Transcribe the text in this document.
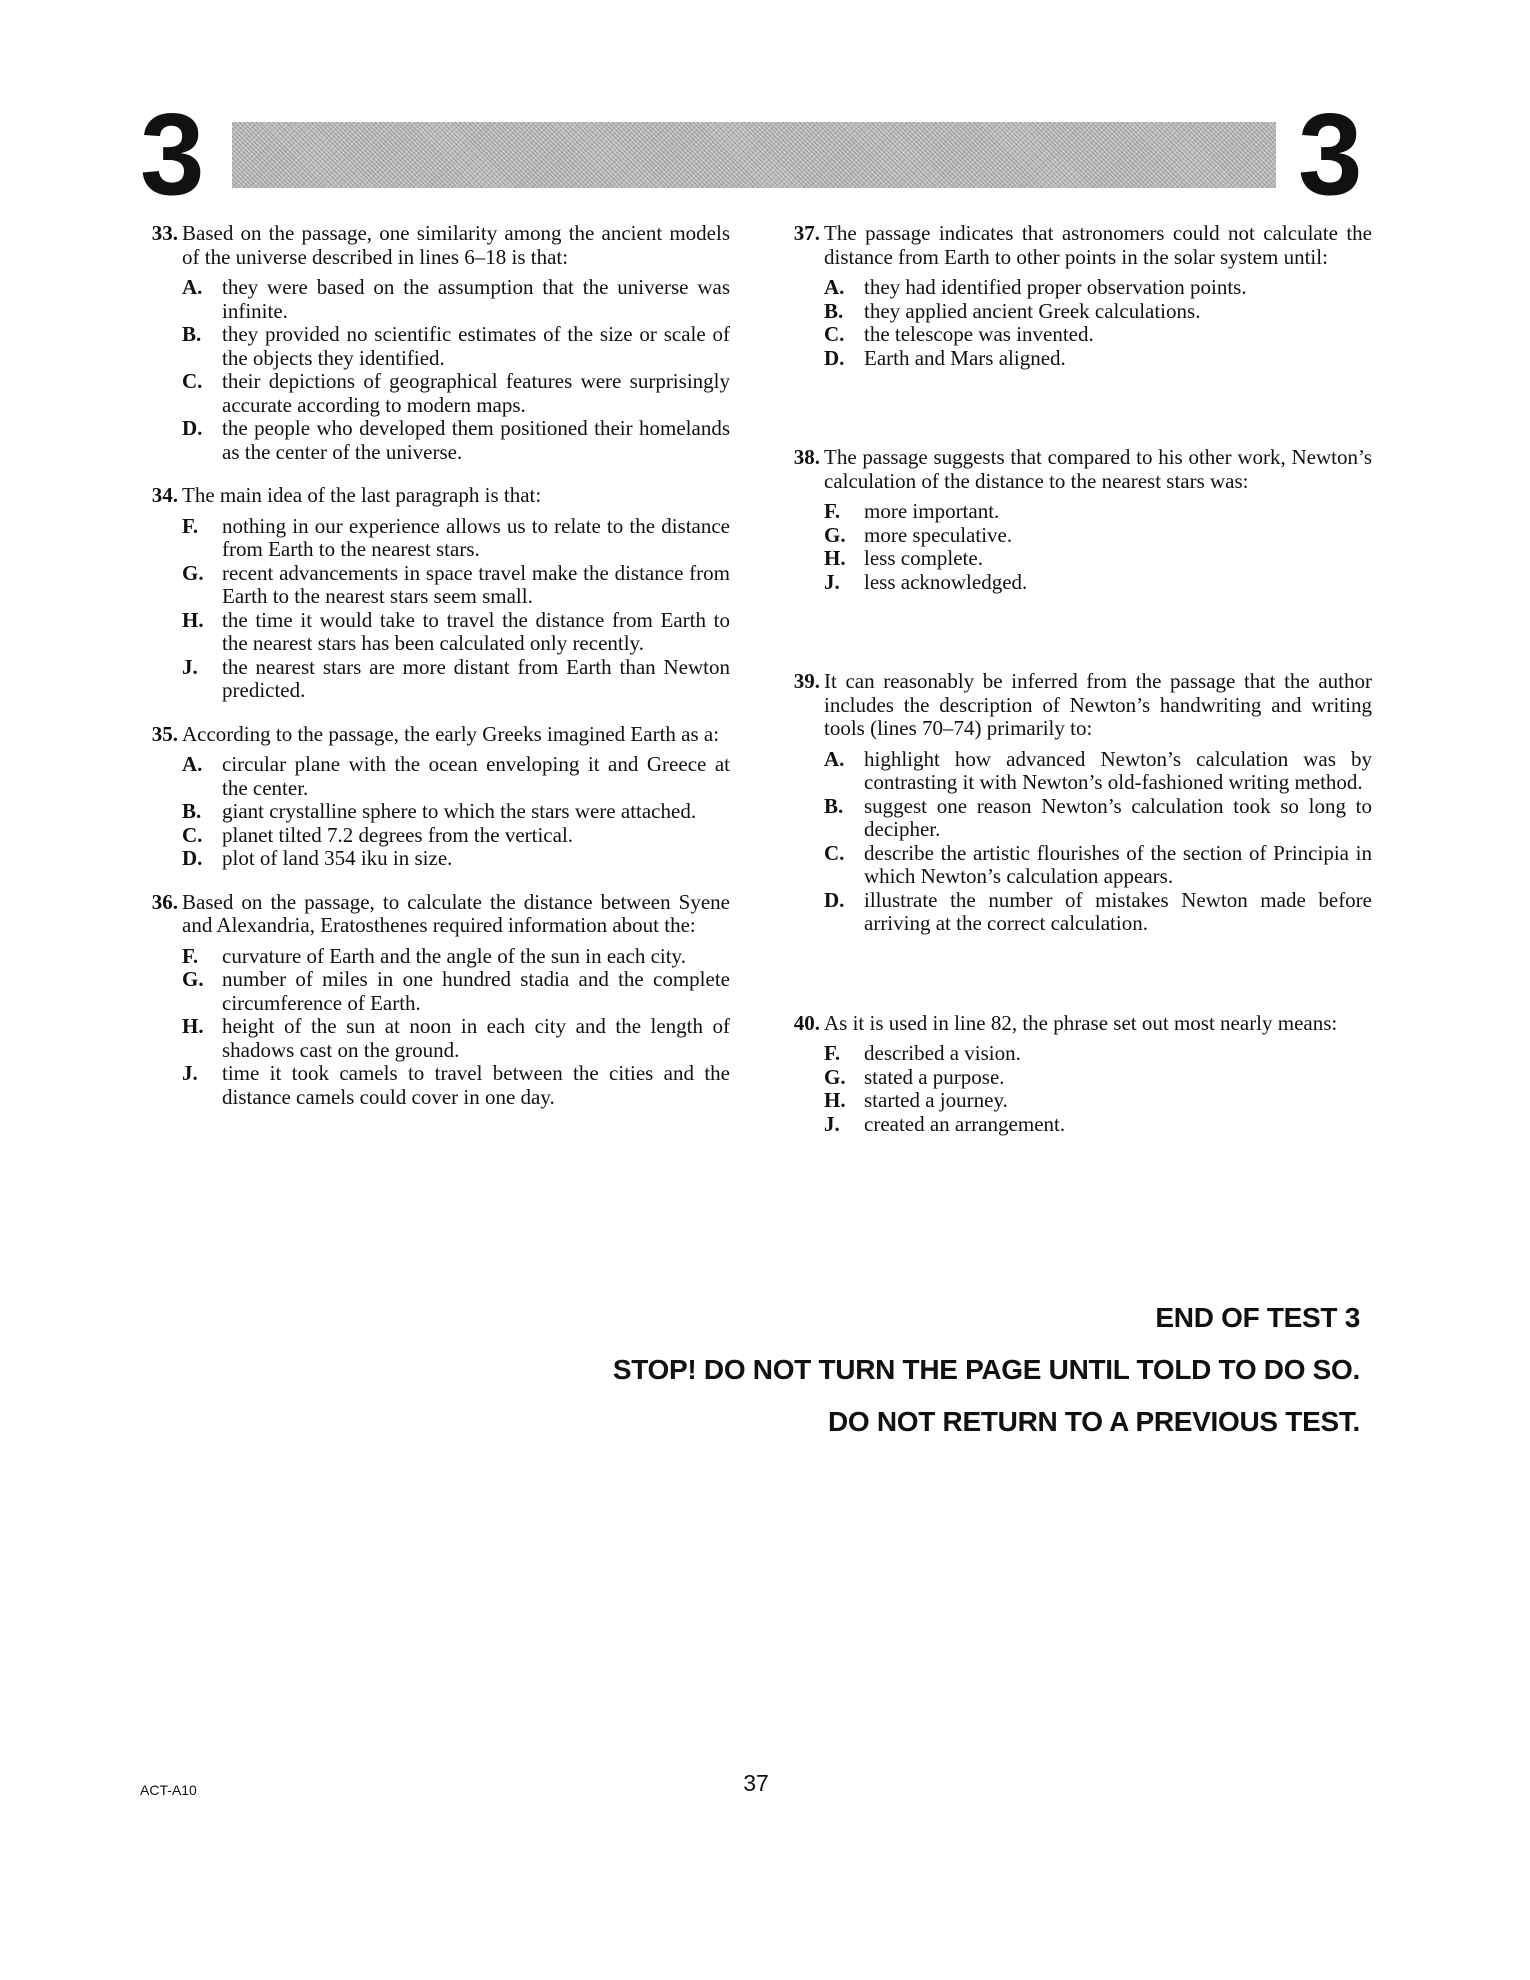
3	3
33. Based on the passage, one similarity among the ancient models of the universe described in lines 6–18 is that:
A. they were based on the assumption that the universe was infinite.
B. they provided no scientific estimates of the size or scale of the objects they identified.
C. their depictions of geographical features were surprisingly accurate according to modern maps.
D. the people who developed them positioned their homelands as the center of the universe.
34. The main idea of the last paragraph is that:
F.	nothing in our experience allows us to relate to the distance from Earth to the nearest stars.
G. recent advancements in space travel make the distance from Earth to the nearest stars seem small.
H. the time it would take to travel the distance from Earth to the nearest stars has been calculated only recently.
J.	the nearest stars are more distant from Earth than Newton predicted.
35. According to the passage, the early Greeks imagined Earth as a:
A. circular plane with the ocean enveloping it and Greece at the center.
B. giant crystalline sphere to which the stars were attached.
C. planet tilted 7.2 degrees from the vertical.
D. plot of land 354 iku in size.
36. Based on the passage, to calculate the distance between Syene and Alexandria, Eratosthenes required information about the:
F.	curvature of Earth and the angle of the sun in each city.
G. number of miles in one hundred stadia and the complete circumference of Earth.
H. height of the sun at noon in each city and the length of shadows cast on the ground.
J.	time it took camels to travel between the cities and the distance camels could cover in one day.
37. The passage indicates that astronomers could not calculate the distance from Earth to other points in the solar system until:
A. they had identified proper observation points.
B. they applied ancient Greek calculations.
C. the telescope was invented.
D. Earth and Mars aligned.
38. The passage suggests that compared to his other work, Newton’s calculation of the distance to the nearest stars was:
F.	more important.
G. more speculative.
H. less complete.
J.	less acknowledged.
39. It can reasonably be inferred from the passage that the author includes the description of Newton’s handwriting and writing tools (lines 70–74) primarily to:
A. highlight how advanced Newton’s calculation was by contrasting it with Newton’s old-fashioned writing method.
B. suggest one reason Newton’s calculation took so long to decipher.
C. describe the artistic flourishes of the section of Principia in which Newton’s calculation appears.
D. illustrate the number of mistakes Newton made before arriving at the correct calculation.
40. As it is used in line 82, the phrase set out most nearly means:
F.	described a vision.
G. stated a purpose.
H. started a journey.
J.	created an arrangement.
END OF TEST 3
STOP! DO NOT TURN THE PAGE UNTIL TOLD TO DO SO.
DO NOT RETURN TO A PREVIOUS TEST.
ACT-A10	37
